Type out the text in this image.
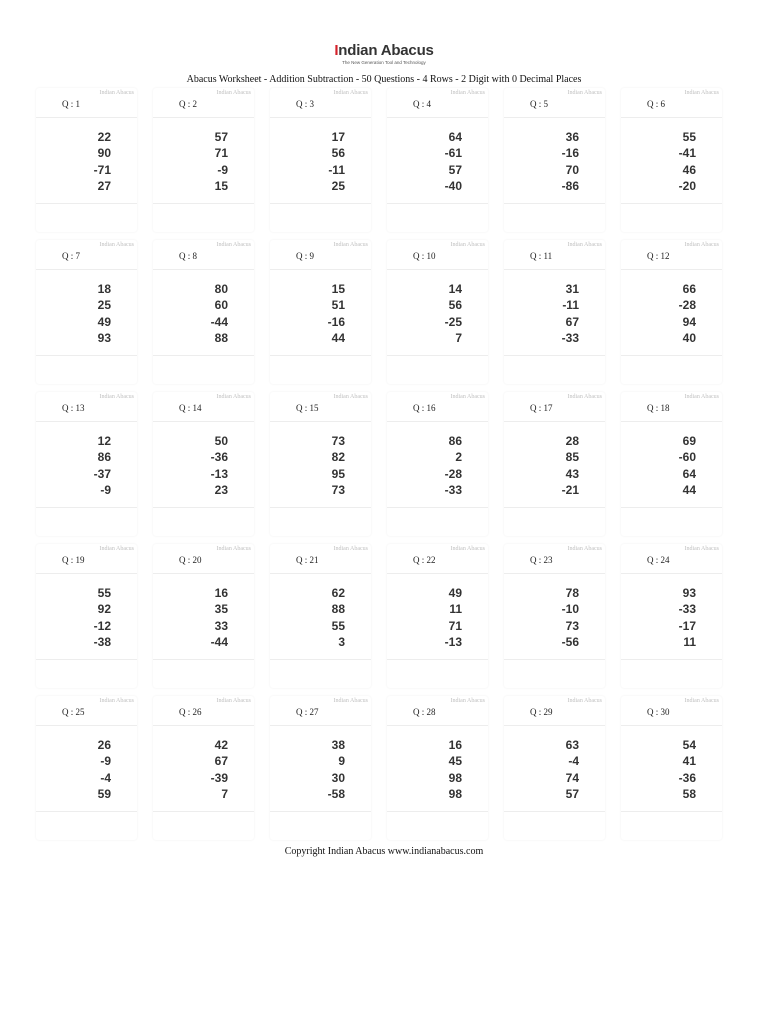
Indian Abacus
The New Generation Tool and Technology
Abacus Worksheet - Addition Subtraction - 50 Questions - 4 Rows - 2 Digit with 0 Decimal Places
Indian Abacus
Q : 1
22
90
-71
27
Indian Abacus
Q : 2
57
71
-9
15
Indian Abacus
Q : 3
17
56
-11
25
Indian Abacus
Q : 4
64
-61
57
-40
Indian Abacus
Q : 5
36
-16
70
-86
Indian Abacus
Q : 6
55
-41
46
-20
Indian Abacus
Q : 7
18
25
49
93
Indian Abacus
Q : 8
80
60
-44
88
Indian Abacus
Q : 9
15
51
-16
44
Indian Abacus
Q : 10
14
56
-25
7
Indian Abacus
Q : 11
31
-11
67
-33
Indian Abacus
Q : 12
66
-28
94
40
Indian Abacus
Q : 13
12
86
-37
-9
Indian Abacus
Q : 14
50
-36
-13
23
Indian Abacus
Q : 15
73
82
95
73
Indian Abacus
Q : 16
86
2
-28
-33
Indian Abacus
Q : 17
28
85
43
-21
Indian Abacus
Q : 18
69
-60
64
44
Indian Abacus
Q : 19
55
92
-12
-38
Indian Abacus
Q : 20
16
35
33
-44
Indian Abacus
Q : 21
62
88
55
3
Indian Abacus
Q : 22
49
11
71
-13
Indian Abacus
Q : 23
78
-10
73
-56
Indian Abacus
Q : 24
93
-33
-17
11
Indian Abacus
Q : 25
26
-9
-4
59
Indian Abacus
Q : 26
42
67
-39
7
Indian Abacus
Q : 27
38
9
30
-58
Indian Abacus
Q : 28
16
45
98
98
Indian Abacus
Q : 29
63
-4
74
57
Indian Abacus
Q : 30
54
41
-36
58
Copyright Indian Abacus www.indianabacus.com
